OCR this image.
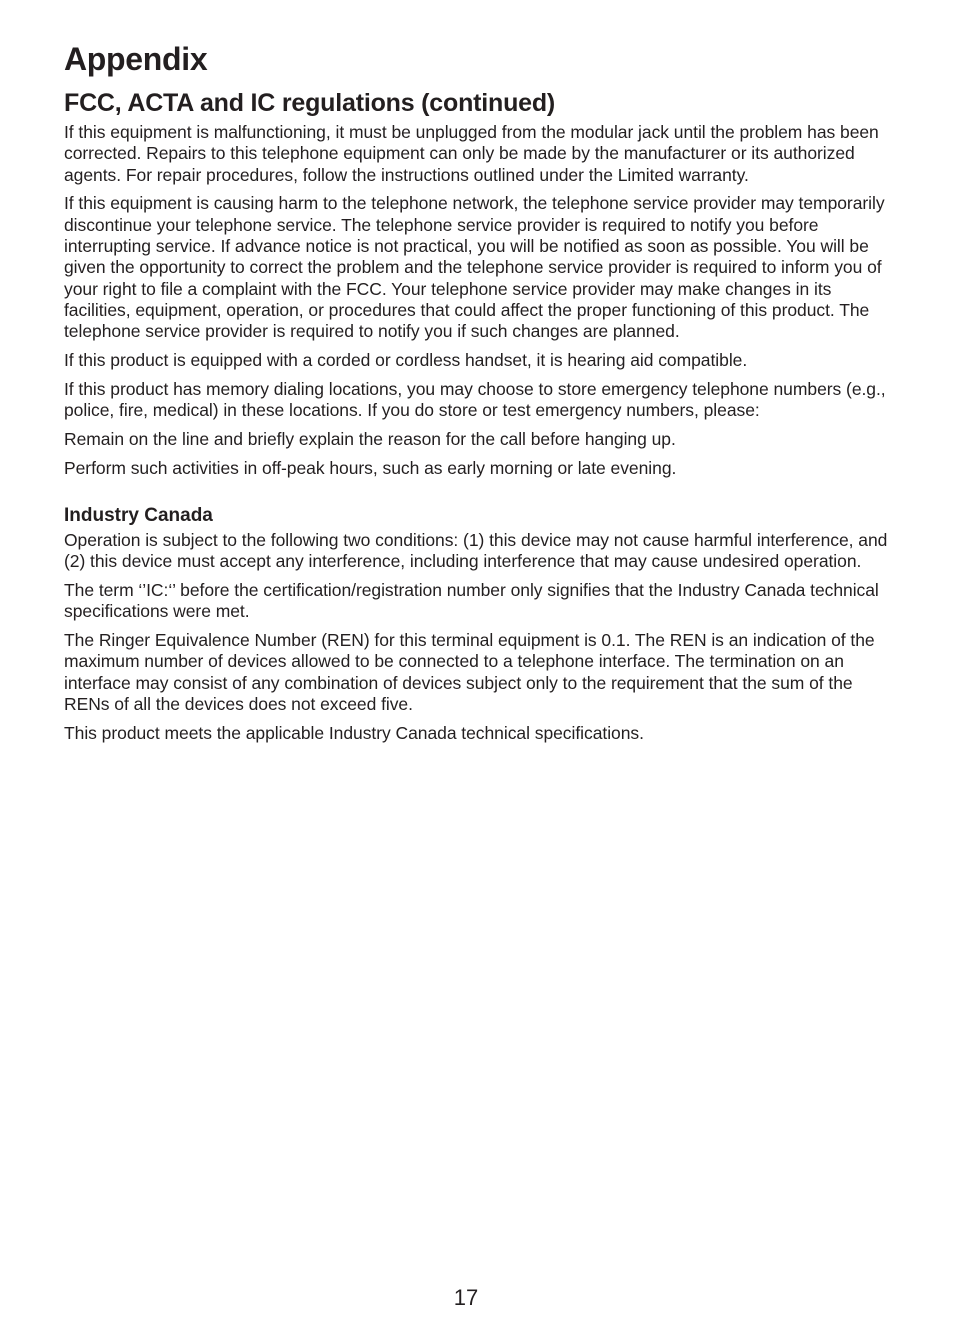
Appendix
FCC, ACTA and IC regulations (continued)

If this equipment is malfunctioning, it must be unplugged from the modular jack until the problem has been corrected. Repairs to this telephone equipment can only be made by the manufacturer or its authorized agents. For repair procedures, follow the instructions outlined under the Limited warranty.

If this equipment is causing harm to the telephone network, the telephone service provider may temporarily discontinue your telephone service. The telephone service provider is required to notify you before interrupting service. If advance notice is not practical, you will be notified as soon as possible. You will be given the opportunity to correct the problem and the telephone service provider is required to inform you of your right to file a complaint with the FCC. Your telephone service provider may make changes in its facilities, equipment, operation, or procedures that could affect the proper functioning of this product. The telephone service provider is required to notify you if such changes are planned.

If this product is equipped with a corded or cordless handset, it is hearing aid compatible.

If this product has memory dialing locations, you may choose to store emergency telephone numbers (e.g., police, fire, medical) in these locations. If you do store or test emergency numbers, please:

Remain on the line and briefly explain the reason for the call before hanging up.

Perform such activities in off-peak hours, such as early morning or late evening.

Industry Canada

Operation is subject to the following two conditions: (1) this device may not cause harmful interference, and (2) this device must accept any interference, including interference that may cause undesired operation.

The term ‘’IC:‘’ before the certification/registration number only signifies that the Industry Canada technical specifications were met.

The Ringer Equivalence Number (REN) for this terminal equipment is 0.1. The REN is an indication of the maximum number of devices allowed to be connected to a telephone interface. The termination on an interface may consist of any combination of devices subject only to the requirement that the sum of the RENs of all the devices does not exceed five.

This product meets the applicable Industry Canada technical specifications.

17
